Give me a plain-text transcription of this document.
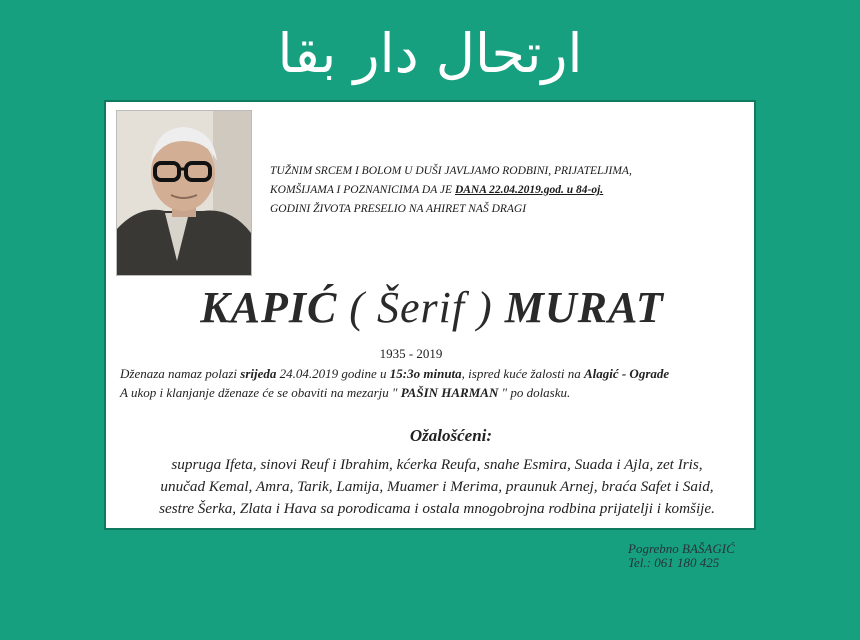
ارتحال دار بقا
TUŽNIM SRCEM I BOLOM U DUŠI JAVLJAMO RODBINI, PRIJATELJIMA,
KOMŠIJAMA I POZNANICIMA DA JE DANA 22.04.2019.god. u 84-oj.
GODINI ŽIVOTA PRESELIO NA AHIRET NAŠ DRAGI
KAPIĆ ( Šerif ) MURAT
1935 - 2019
Dženaza namaz polazi srijeda 24.04.2019 godine u 15:3o minuta, ispred kuće žalosti na Alagić - Ograde
A ukop i klanjanje dženaze će se obaviti na mezarju " PAŠIN HARMAN " po dolasku.
Ožalošćeni:
supruga Ifeta, sinovi Reuf i Ibrahim, kćerka Reufa, snahe Esmira, Suada i Ajla, zet Iris,
unučad Kemal, Amra, Tarik, Lamija, Muamer i Merima, praunuk Arnej, braća Safet i Said,
sestre Šerka, Zlata i Hava sa porodicama i ostala mnogobrojna rodbina prijatelji i komšije.
Pogrebno BAŠAGIĆ
Tel.: 061 180 425
